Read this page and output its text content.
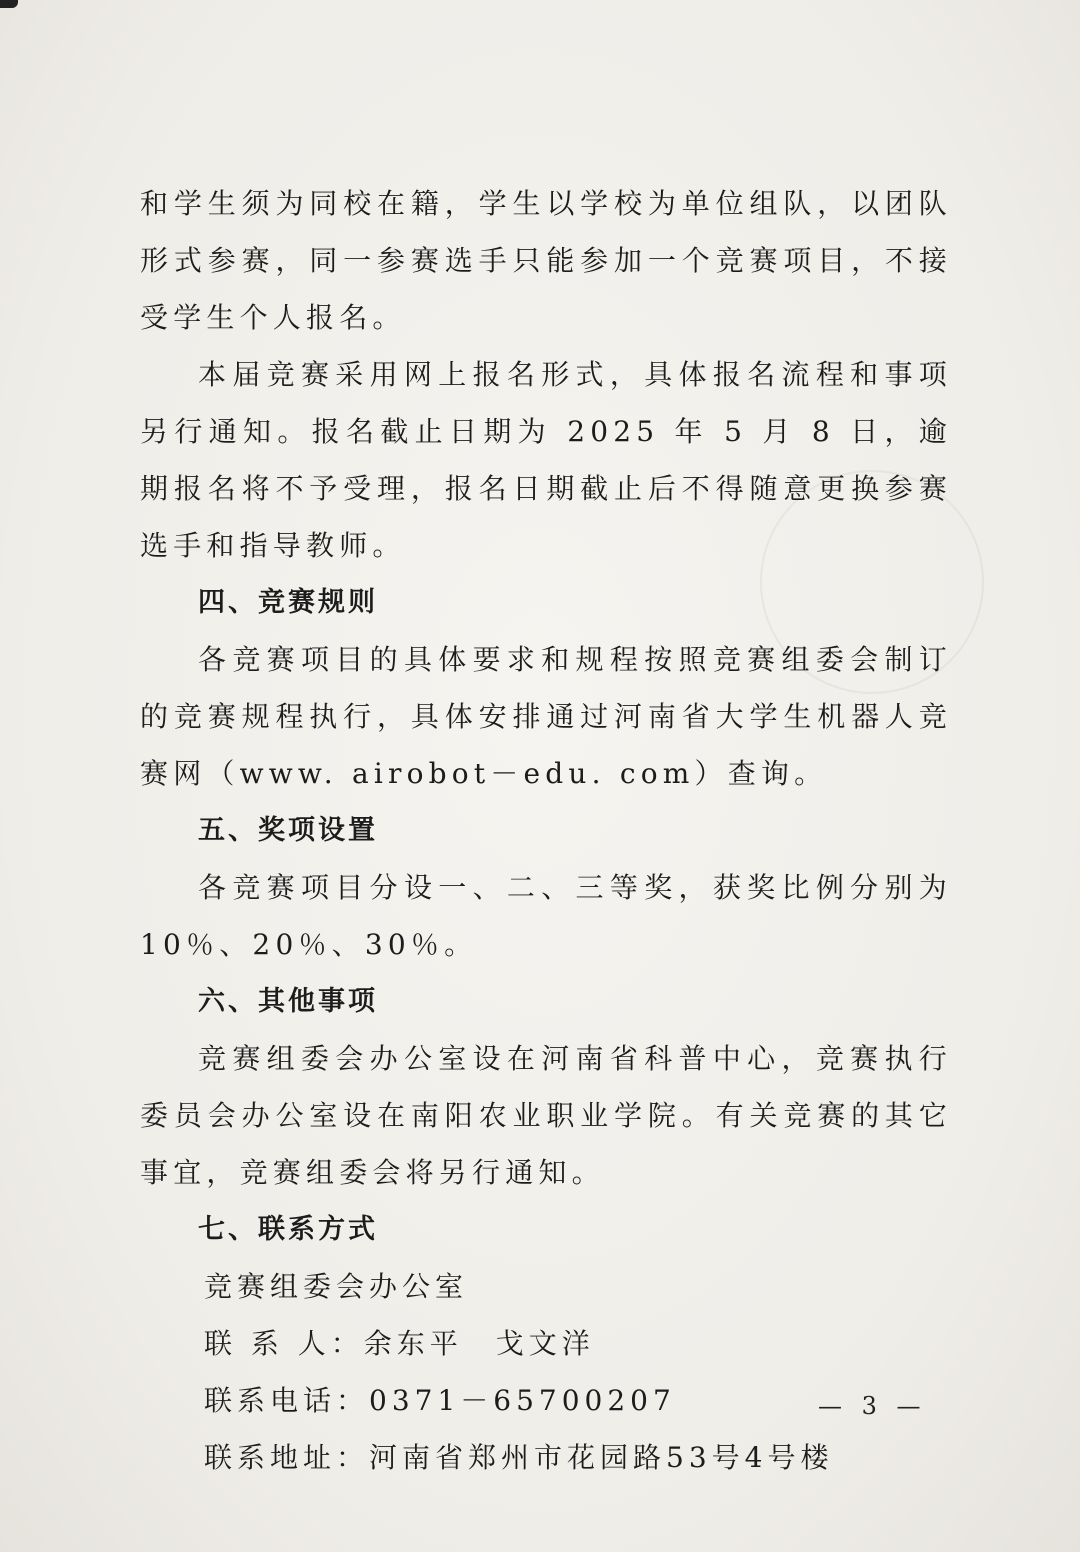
和学生须为同校在籍，学生以学校为单位组队，以团队形式参赛，同一参赛选手只能参加一个竞赛项目，不接受学生个人报名。

本届竞赛采用网上报名形式，具体报名流程和事项另行通知。报名截止日期为 2025 年 5 月 8 日，逾期报名将不予受理，报名日期截止后不得随意更换参赛选手和指导教师。

四、竞赛规则

各竞赛项目的具体要求和规程按照竞赛组委会制订的竞赛规程执行，具体安排通过河南省大学生机器人竞赛网（www. airobot－edu. com）查询。

五、奖项设置

各竞赛项目分设一、二、三等奖，获奖比例分别为 10％、20％、30％。

六、其他事项

竞赛组委会办公室设在河南省科普中心，竞赛执行委员会办公室设在南阳农业职业学院。有关竞赛的其它事宜，竞赛组委会将另行通知。

七、联系方式

竞赛组委会办公室

联 系 人：余东平　戈文洋

联系电话：0371－65700207

联系地址：河南省郑州市花园路53号4号楼

— 3 —
